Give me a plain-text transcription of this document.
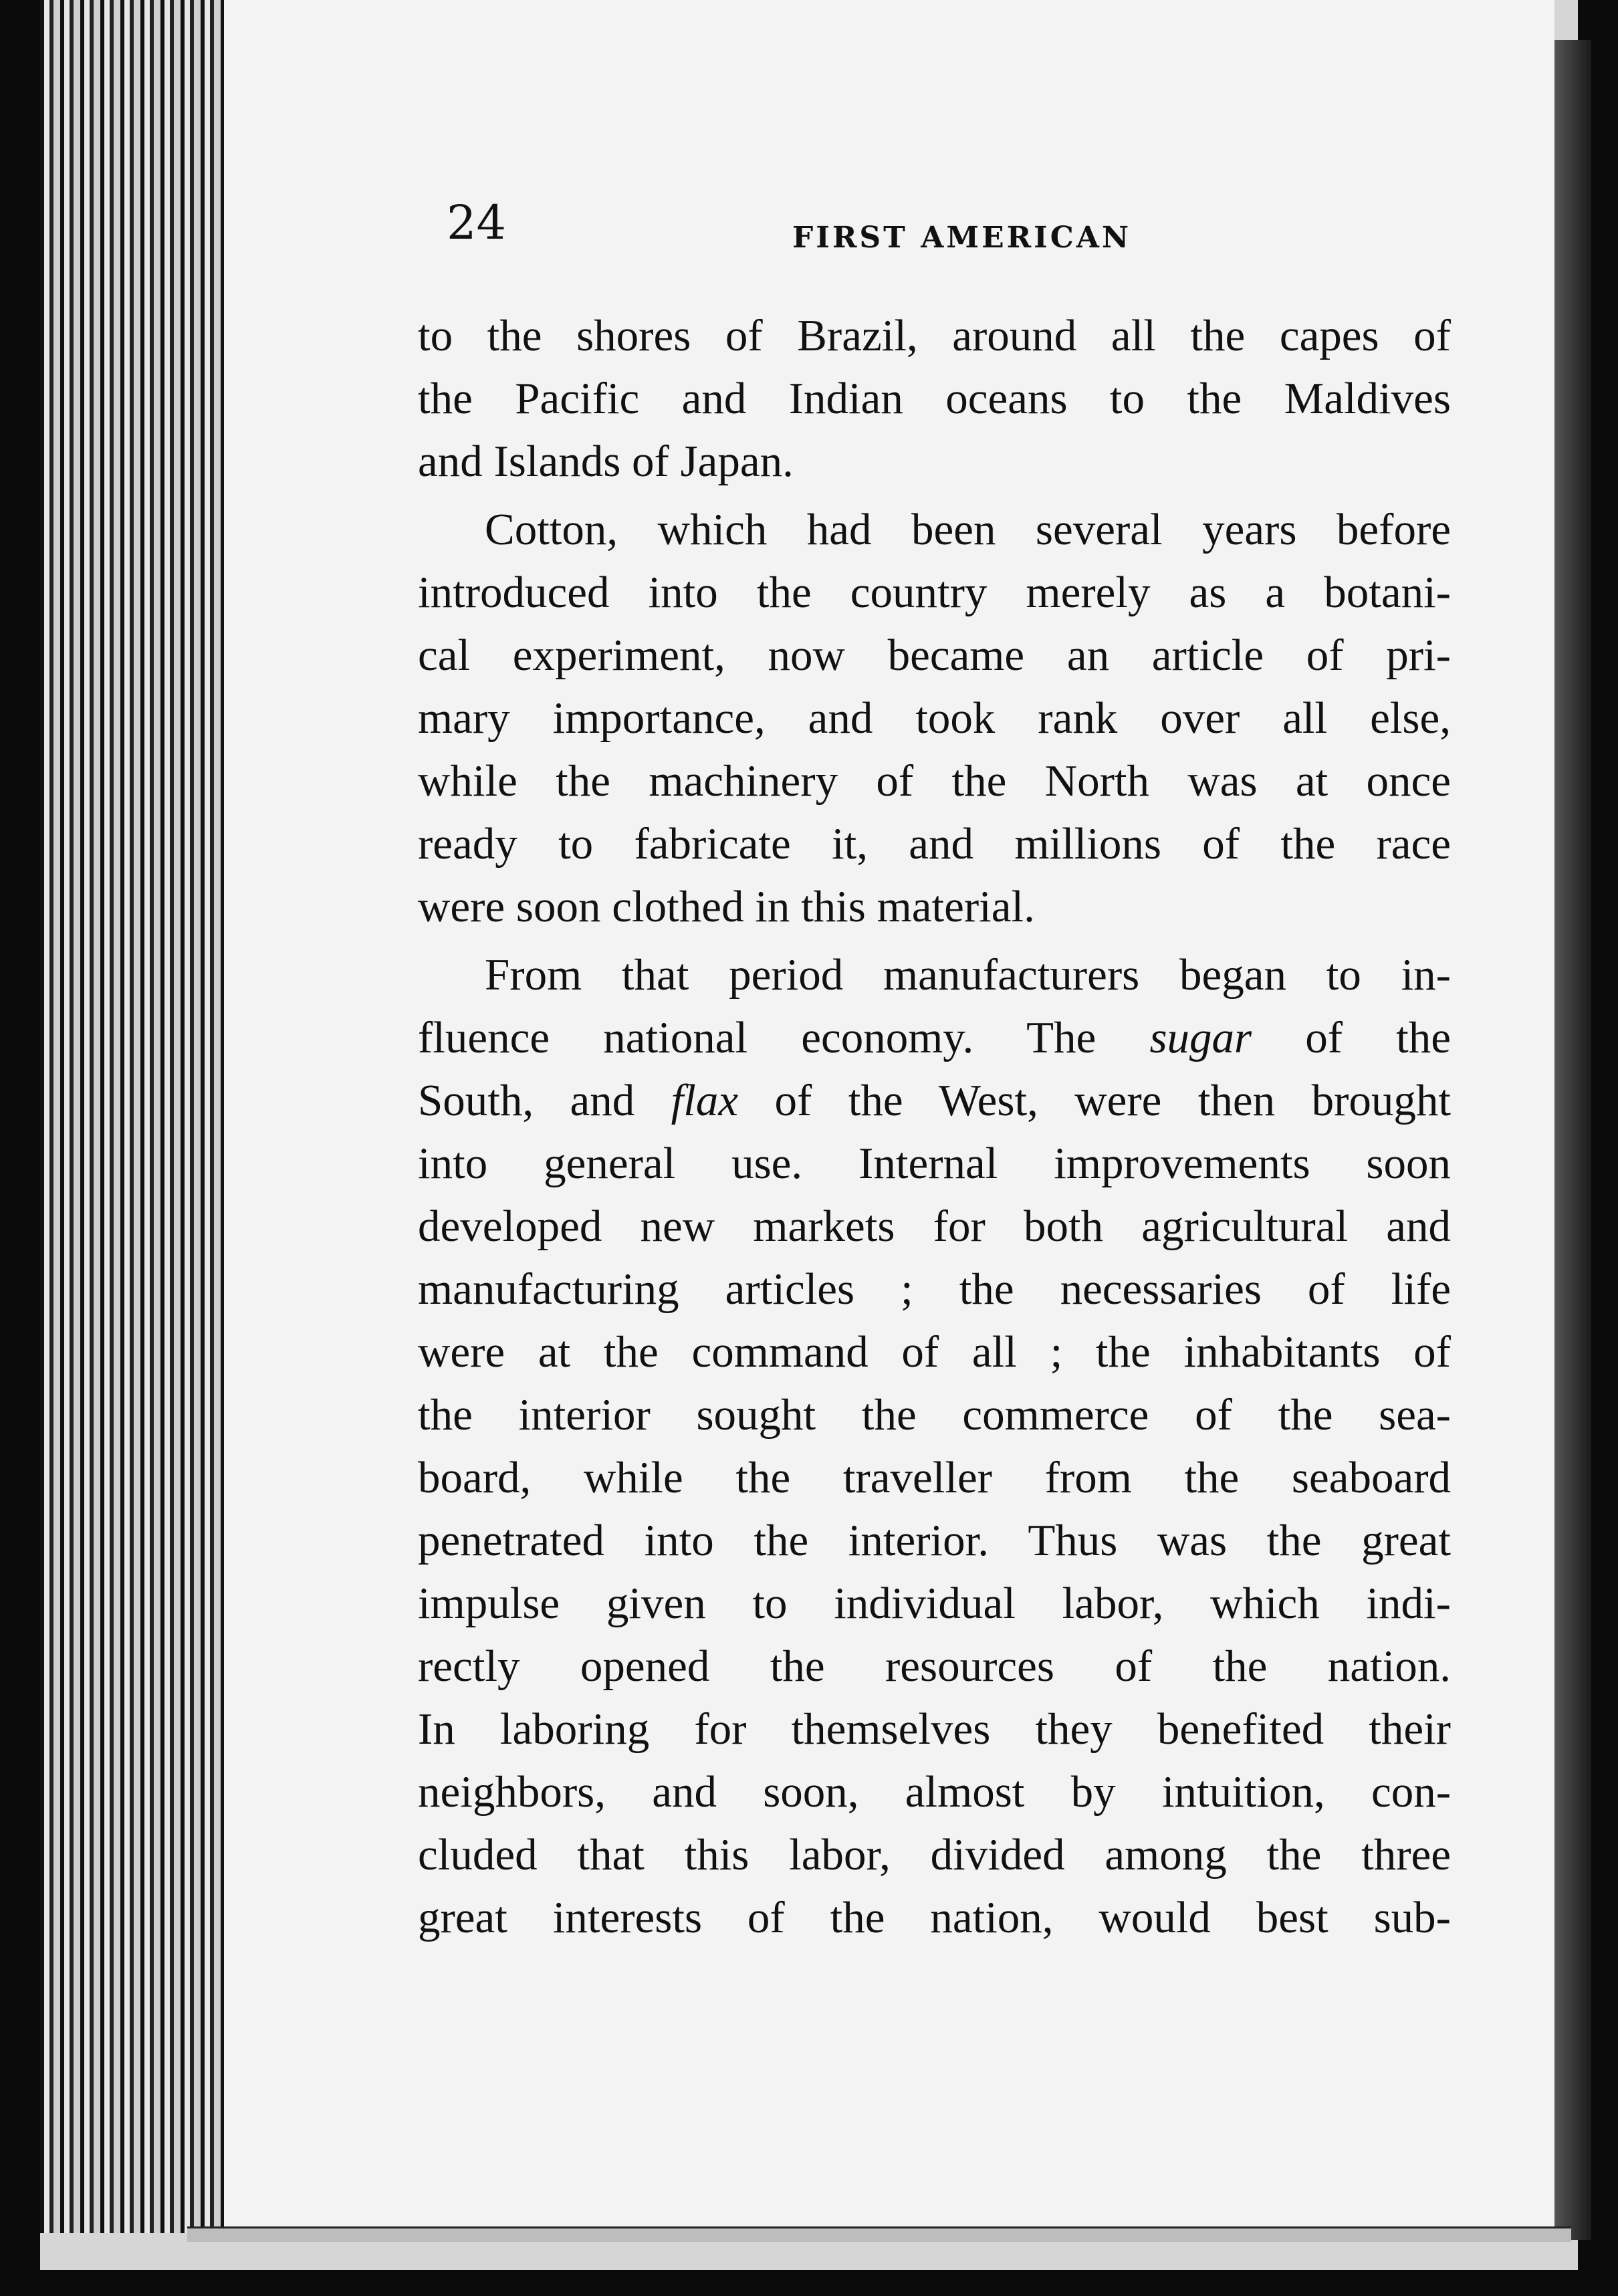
24	FIRST AMERICAN
to the shores of Brazil, around all the capes of
the Pacific and Indian oceans to the Maldives
and Islands of Japan.
Cotton, which had been several years before
introduced into the country merely as a botani-
cal experiment, now became an article of pri-
mary importance, and took rank over all else,
while the machinery of the North was at once
ready to fabricate it, and millions of the race
were soon clothed in this material.
From that period manufacturers began to in-
fluence national economy. The sugar of the
South, and flax of the West, were then brought
into general use. Internal improvements soon
developed new markets for both agricultural and
manufacturing articles ; the necessaries of life
were at the command of all ; the inhabitants of
the interior sought the commerce of the sea-
board, while the traveller from the seaboard
penetrated into the interior. Thus was the great
impulse given to individual labor, which indi-
rectly opened the resources of the nation.
In laboring for themselves they benefited their
neighbors, and soon, almost by intuition, con-
cluded that this labor, divided among the three
great interests of the nation, would best sub-
